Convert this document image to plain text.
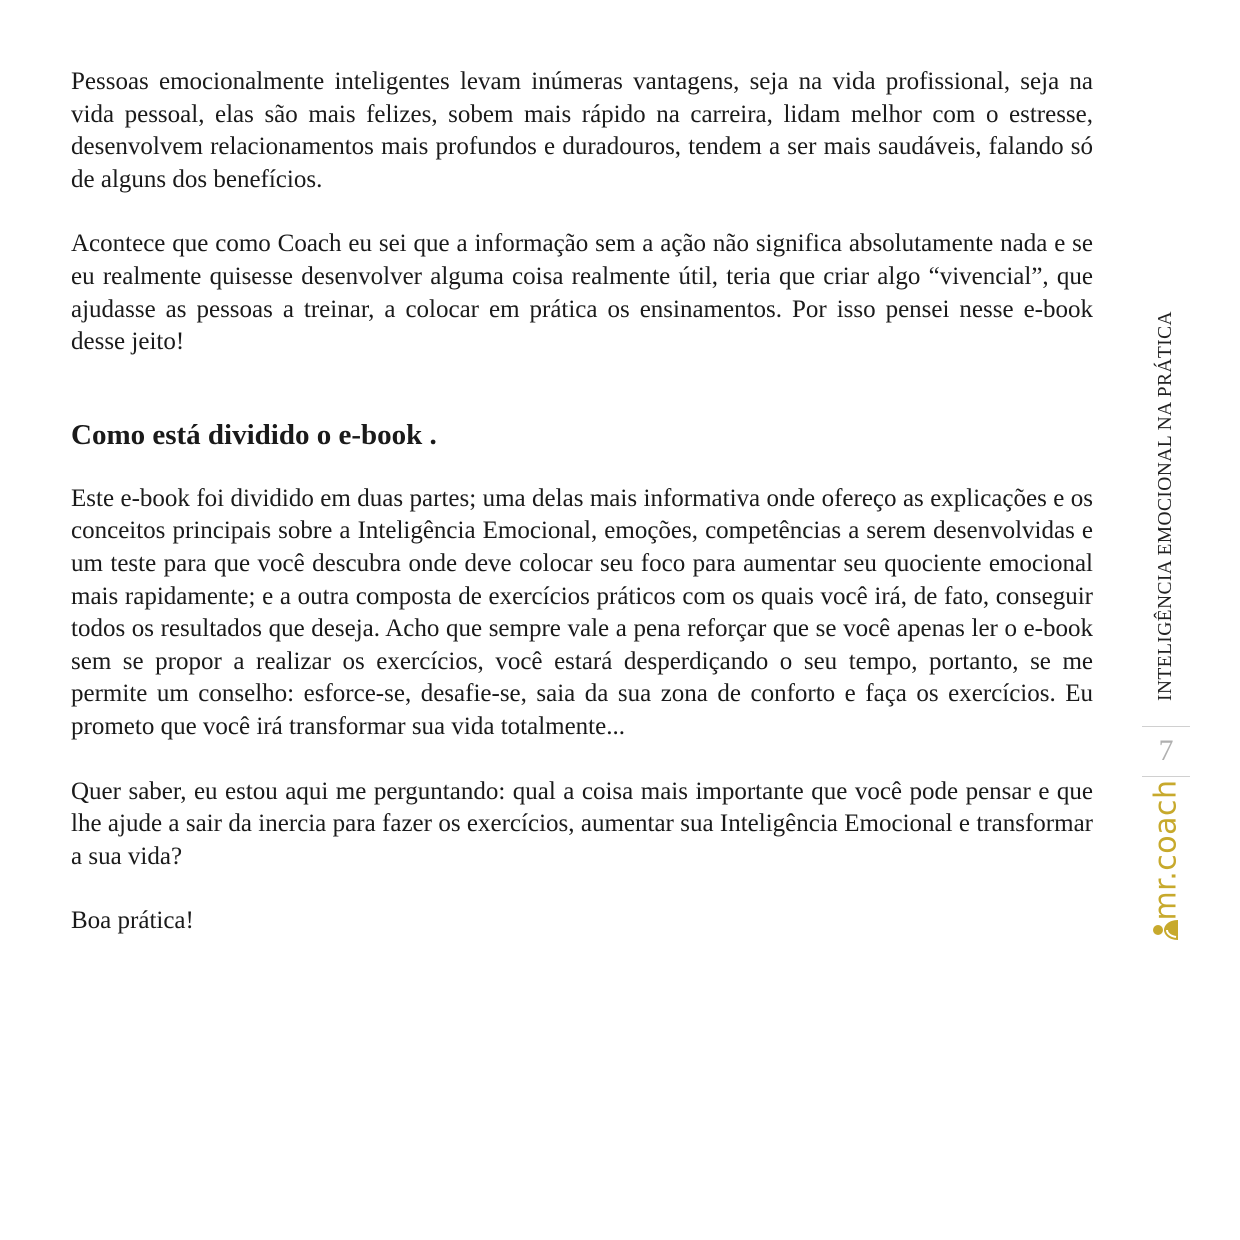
Pessoas emocionalmente inteligentes levam inúmeras vantagens, seja na vida profissional, seja na vida pessoal, elas são mais felizes, sobem mais rápido na carreira, lidam melhor com o estresse, desenvolvem relacionamentos mais profundos e duradouros, tendem a ser mais saudáveis, falando só de alguns dos benefícios.

Acontece que como Coach eu sei que a informação sem a ação não significa absolutamente nada e se eu realmente quisesse desenvolver alguma coisa realmente útil, teria que criar algo “vivencial”, que ajudasse as pessoas a treinar, a colocar em prática os ensinamentos. Por isso pensei nesse e-book desse jeito!

Como está dividido o e-book .

Este e-book foi dividido em duas partes; uma delas mais informativa onde ofereço as explicações e os conceitos principais sobre a Inteligência Emocional, emoções, competências a serem desenvolvidas e um teste para que você descubra onde deve colocar seu foco para aumentar seu quociente emocional mais rapidamente; e a outra composta de exercícios práticos com os quais você irá, de fato, conseguir todos os resultados que deseja. Acho que sempre vale a pena reforçar que se você apenas ler o e-book sem se propor a realizar os exercícios, você estará desperdiçando o seu tempo, portanto, se me permite um conselho: esforce-se, desafie-se, saia da sua zona de conforto e faça os exercícios. Eu prometo que você irá transformar sua vida totalmente...

Quer saber, eu estou aqui me perguntando: qual a coisa mais importante que você pode pensar e que lhe ajude a sair da inercia para fazer os exercícios, aumentar sua Inteligência Emocional e transformar a sua vida?

Boa prática!

INTELIGÊNCIA EMOCIONAL NA PRÁTICA
7
mr.coach
